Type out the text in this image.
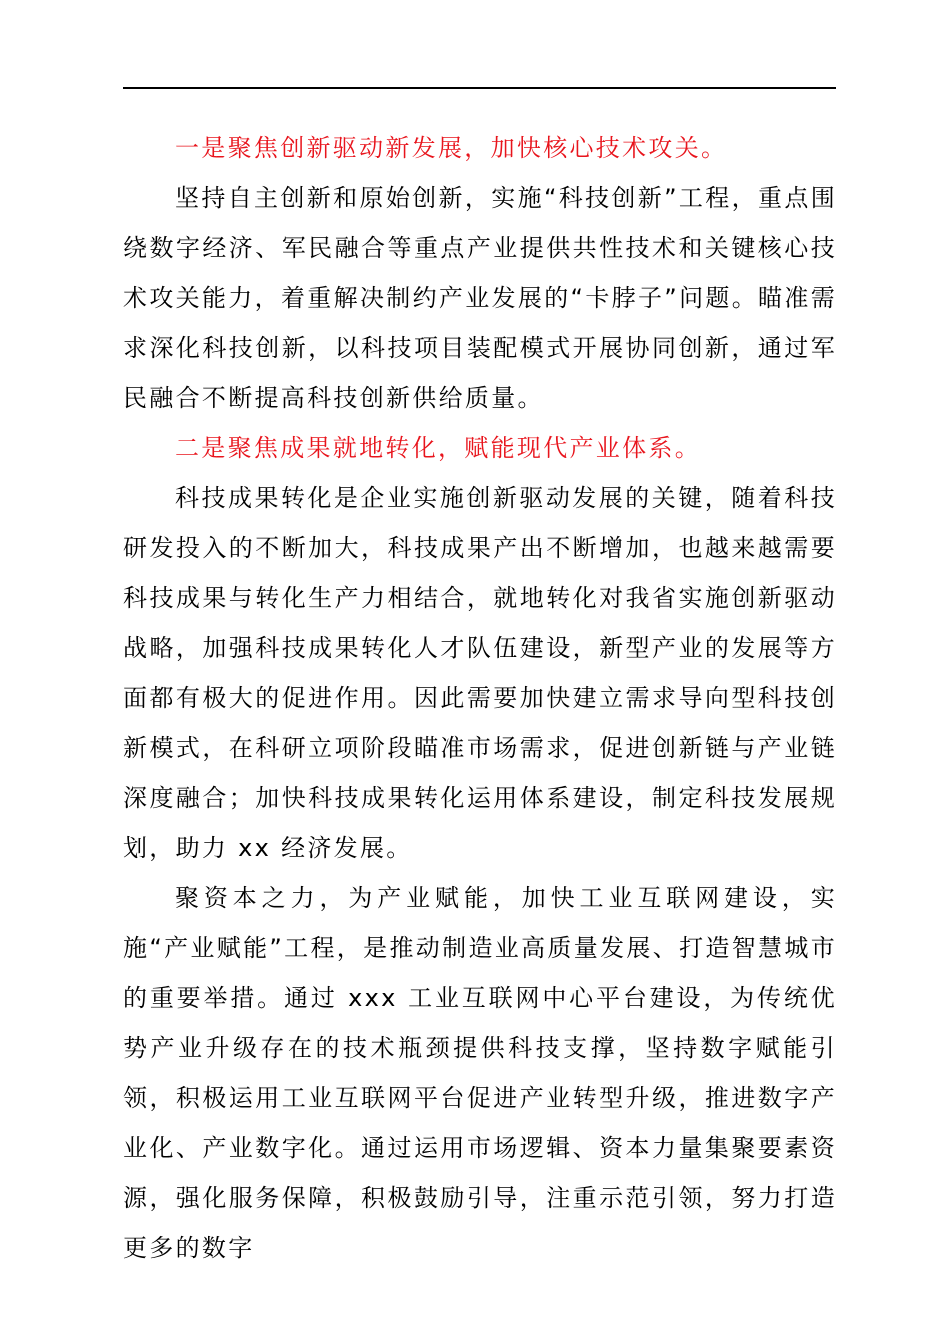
一是聚焦创新驱动新发展，加快核心技术攻关。

坚持自主创新和原始创新，实施“科技创新”工程，重点围绕数字经济、军民融合等重点产业提供共性技术和关键核心技术攻关能力，着重解决制约产业发展的“卡脖子”问题。瞄准需求深化科技创新，以科技项目装配模式开展协同创新，通过军民融合不断提高科技创新供给质量。

二是聚焦成果就地转化，赋能现代产业体系。

科技成果转化是企业实施创新驱动发展的关键，随着科技研发投入的不断加大，科技成果产出不断增加，也越来越需要科技成果与转化生产力相结合，就地转化对我省实施创新驱动战略，加强科技成果转化人才队伍建设，新型产业的发展等方面都有极大的促进作用。因此需要加快建立需求导向型科技创新模式，在科研立项阶段瞄准市场需求，促进创新链与产业链深度融合；加快科技成果转化运用体系建设，制定科技发展规划，助力 xx 经济发展。

聚资本之力，为产业赋能，加快工业互联网建设，实施“产业赋能”工程，是推动制造业高质量发展、打造智慧城市的重要举措。通过 xxx 工业互联网中心平台建设，为传统优势产业升级存在的技术瓶颈提供科技支撑，坚持数字赋能引领，积极运用工业互联网平台促进产业转型升级，推进数字产业化、产业数字化。通过运用市场逻辑、资本力量集聚要素资源，强化服务保障，积极鼓励引导，注重示范引领，努力打造更多的数字
